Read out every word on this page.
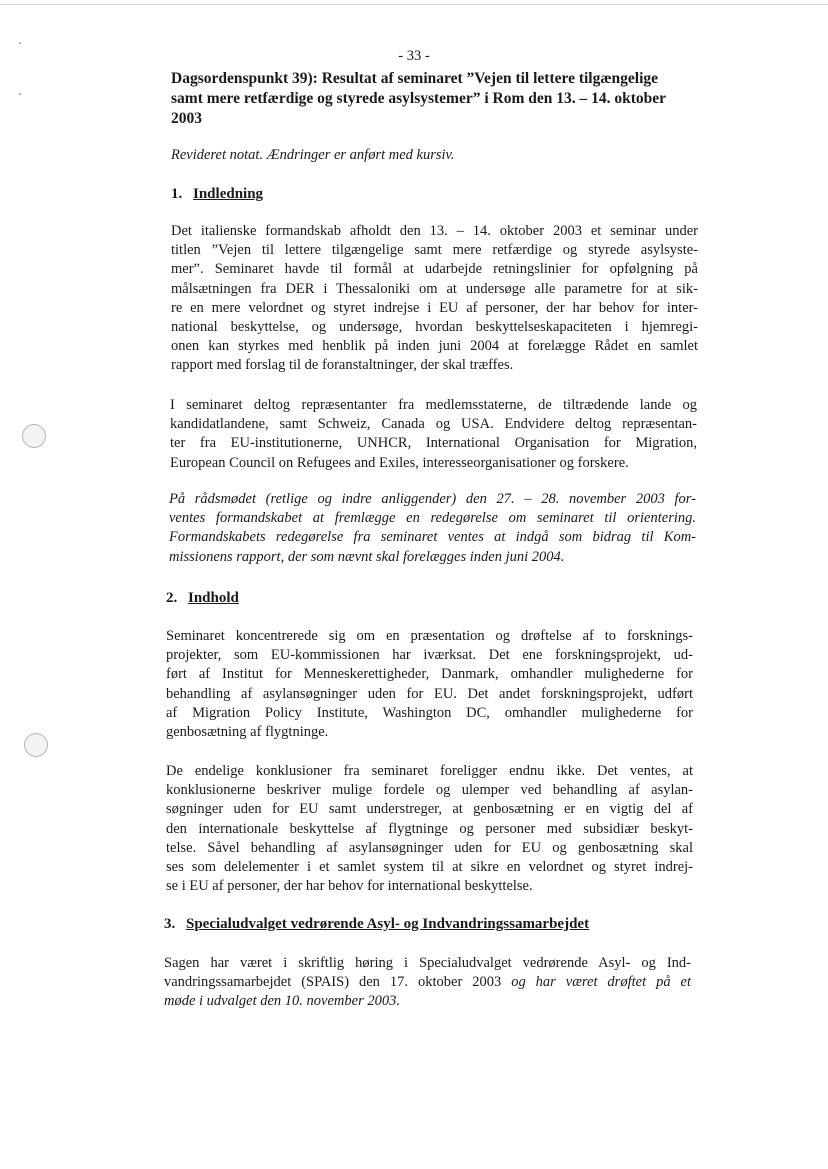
- 33 -
Dagsordenspunkt 39): Resultat af seminaret ”Vejen til lettere tilgængelige
samt mere retfærdige og styrede asylsystemer” i Rom den 13. – 14. oktober
2003
Revideret notat. Ændringer er anført med kursiv.
1. Indledning
Det italienske formandskab afholdt den 13. – 14. oktober 2003 et seminar under
titlen ”Vejen til lettere tilgængelige samt mere retfærdige og styrede asylsyste-
mer”. Seminaret havde til formål at udarbejde retningslinier for opfølgning på
målsætningen fra DER i Thessaloniki om at undersøge alle parametre for at sik-
re en mere velordnet og styret indrejse i EU af personer, der har behov for inter-
national beskyttelse, og undersøge, hvordan beskyttelseskapaciteten i hjemregi-
onen kan styrkes med henblik på inden juni 2004 at forelægge Rådet en samlet
rapport med forslag til de foranstaltninger, der skal træffes.
I seminaret deltog repræsentanter fra medlemsstaterne, de tiltrædende lande og
kandidatlandene, samt Schweiz, Canada og USA. Endvidere deltog repræsentan-
ter fra EU-institutionerne, UNHCR, International Organisation for Migration,
European Council on Refugees and Exiles, interesseorganisationer og forskere.
På rådsmødet (retlige og indre anliggender) den 27. – 28. november 2003 for-
ventes formandskabet at fremlægge en redegørelse om seminaret til orientering.
Formandskabets redegørelse fra seminaret ventes at indgå som bidrag til Kom-
missionens rapport, der som nævnt skal forelægges inden juni 2004.
2. Indhold
Seminaret koncentrerede sig om en præsentation og drøftelse af to forsknings-
projekter, som EU-kommissionen har iværksat. Det ene forskningsprojekt, ud-
ført af Institut for Menneskerettigheder, Danmark, omhandler mulighederne for
behandling af asylansøgninger uden for EU. Det andet forskningsprojekt, udført
af Migration Policy Institute, Washington DC, omhandler mulighederne for
genbosætning af flygtninge.
De endelige konklusioner fra seminaret foreligger endnu ikke. Det ventes, at
konklusionerne beskriver mulige fordele og ulemper ved behandling af asylan-
søgninger uden for EU samt understreger, at genbosætning er en vigtig del af
den internationale beskyttelse af flygtninge og personer med subsidiær beskyt-
telse. Såvel behandling af asylansøgninger uden for EU og genbosætning skal
ses som delelementer i et samlet system til at sikre en velordnet og styret indrej-
se i EU af personer, der har behov for international beskyttelse.
3. Specialudvalget vedrørende Asyl- og Indvandringssamarbejdet
Sagen har været i skriftlig høring i Specialudvalget vedrørende Asyl- og Ind-
vandringssamarbejdet (SPAIS) den 17. oktober 2003 og har været drøftet på et
møde i udvalget den 10. november 2003.
